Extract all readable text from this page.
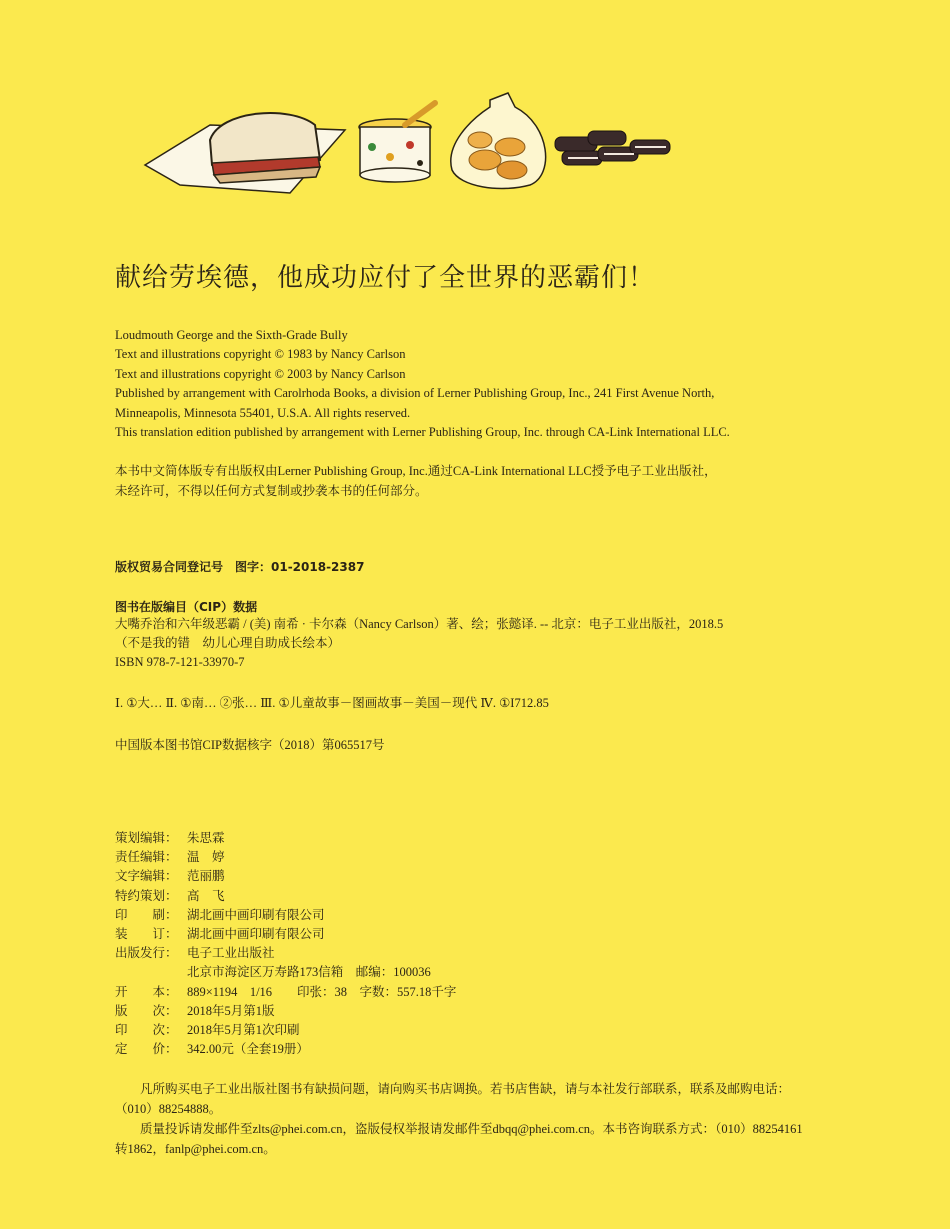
献给劳埃德，他成功应付了全世界的恶霸们！
Loudmouth George and the Sixth-Grade Bully
Text and illustrations copyright © 1983 by Nancy Carlson
Text and illustrations copyright © 2003 by Nancy Carlson
Published by arrangement with Carolrhoda Books, a division of Lerner Publishing Group, Inc., 241 First Avenue North,
Minneapolis, Minnesota 55401, U.S.A. All rights reserved.
This translation edition published by arrangement with Lerner Publishing Group, Inc. through CA-Link International LLC.
本书中文简体版专有出版权由Lerner Publishing Group, Inc.通过CA-Link International LLC授予电子工业出版社，
未经许可，不得以任何方式复制或抄袭本书的任何部分。
版权贸易合同登记号　图字：01-2018-2387
图书在版编目（CIP）数据
大嘴乔治和六年级恶霸 / (美) 南希 · 卡尔森（Nancy Carlson）著、绘；张懿译. -- 北京：电子工业出版社，2018.5
（不是我的错　幼儿心理自助成长绘本）
ISBN 978-7-121-33970-7
Ⅰ. ①大… Ⅱ. ①南… ②张… Ⅲ. ①儿童故事－图画故事－美国－现代 Ⅳ. ①I712.85
中国版本图书馆CIP数据核字（2018）第065517号
策划编辑： 朱思霖
责任编辑： 温　婷
文字编辑： 范丽鹏
特约策划： 高　飞
印　　刷： 湖北画中画印刷有限公司
装　　订： 湖北画中画印刷有限公司
出版发行： 电子工业出版社
北京市海淀区万寿路173信箱　邮编：100036
开　　本： 889×1194　1/16　　印张：38　字数：557.18千字
版　　次： 2018年5月第1版
印　　次： 2018年5月第1次印刷
定　　价： 342.00元（全套19册）

凡所购买电子工业出版社图书有缺损问题，请向购买书店调换。若书店售缺，请与本社发行部联系，联系及邮购电话：（010）88254888。

质量投诉请发邮件至zlts@phei.com.cn，盗版侵权举报请发邮件至dbqq@phei.com.cn。本书咨询联系方式：（010）88254161转1862，fanlp@phei.com.cn。
